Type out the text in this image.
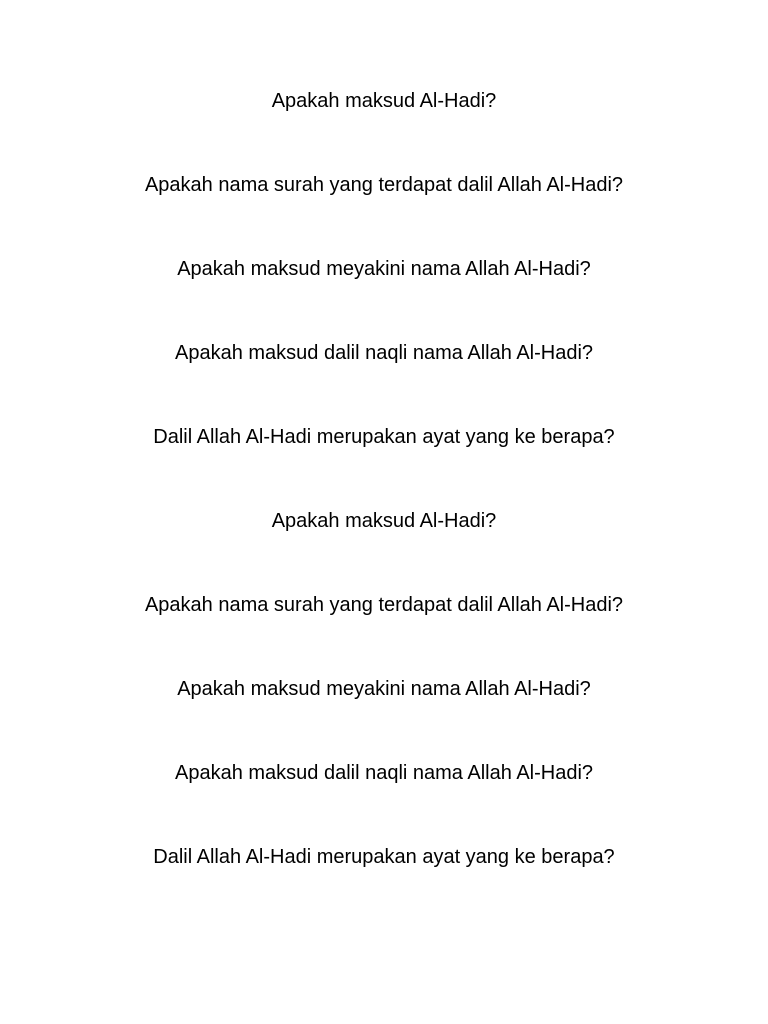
Apakah maksud Al-Hadi?

Apakah nama surah yang terdapat dalil Allah Al-Hadi?

Apakah maksud meyakini nama Allah Al-Hadi?

Apakah maksud dalil naqli nama Allah Al-Hadi?

Dalil Allah Al-Hadi merupakan ayat yang ke berapa?

Apakah maksud Al-Hadi?

Apakah nama surah yang terdapat dalil Allah Al-Hadi?

Apakah maksud meyakini nama Allah Al-Hadi?

Apakah maksud dalil naqli nama Allah Al-Hadi?

Dalil Allah Al-Hadi merupakan ayat yang ke berapa?
